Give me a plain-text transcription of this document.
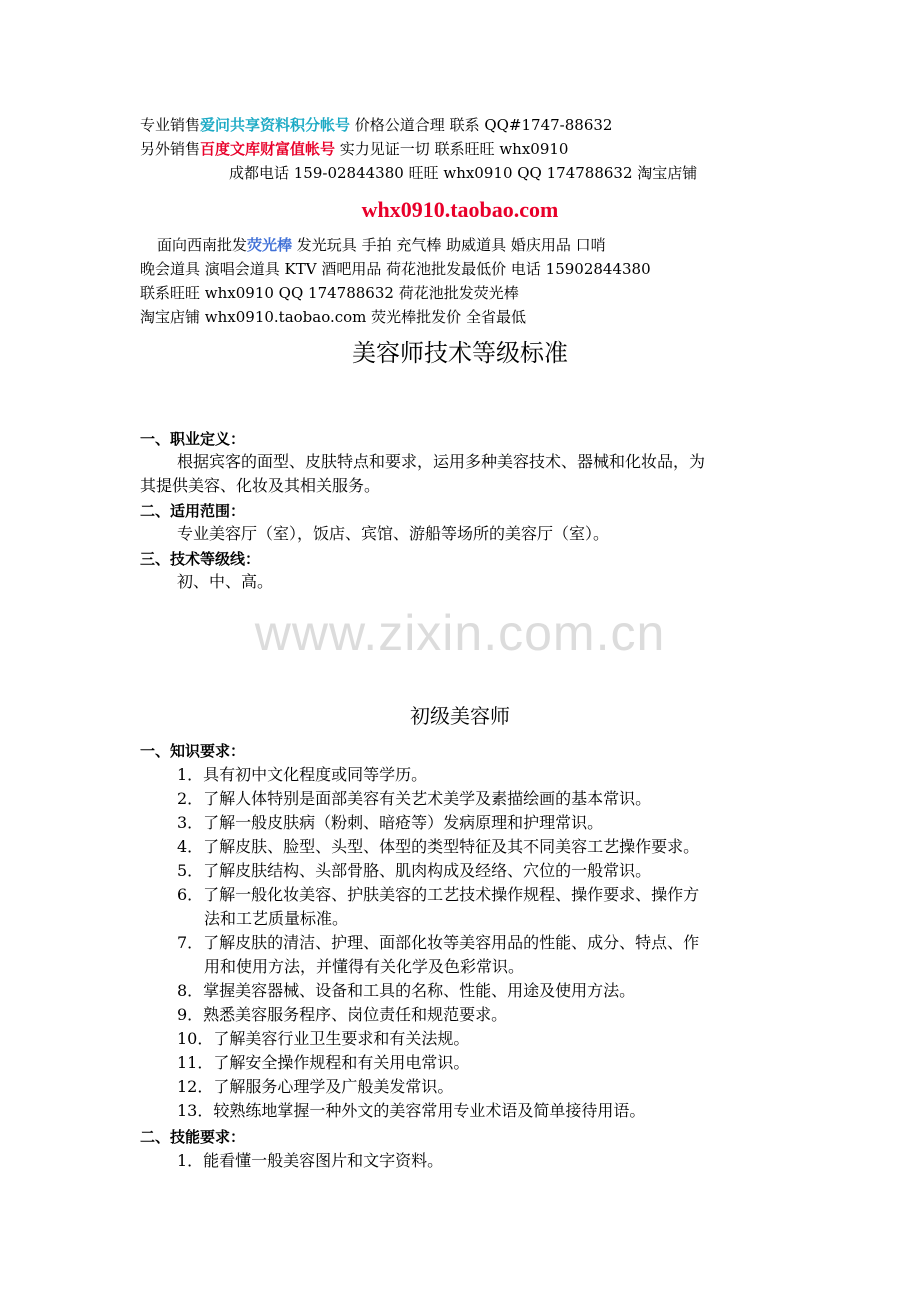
专业销售爱问共享资料积分帐号 价格公道合理 联系 QQ#1747-88632
另外销售百度文库财富值帐号 实力见证一切 联系旺旺 whx0910
成都电话 159-02844380 旺旺 whx0910 QQ 174788632 淘宝店铺
whx0910.taobao.com
面向西南批发荧光棒 发光玩具 手拍 充气棒 助威道具 婚庆用品 口哨
晚会道具 演唱会道具 KTV 酒吧用品 荷花池批发最低价 电话 15902844380
联系旺旺 whx0910 QQ 174788632 荷花池批发荧光棒
淘宝店铺 whx0910.taobao.com 荧光棒批发价 全省最低
美容师技术等级标准
一、职业定义：
根据宾客的面型、皮肤特点和要求，运用多种美容技术、器械和化妆品，为
其提供美容、化妆及其相关服务。
二、适用范围：
专业美容厅（室），饭店、宾馆、游船等场所的美容厅（室）。
三、技术等级线：
初、中、高。
www.zixin.com.cn
初级美容师
一、知识要求：
1．具有初中文化程度或同等学历。
2．了解人体特别是面部美容有关艺术美学及素描绘画的基本常识。
3．了解一般皮肤病（粉刺、暗疮等）发病原理和护理常识。
4．了解皮肤、脸型、头型、体型的类型特征及其不同美容工艺操作要求。
5．了解皮肤结构、头部骨胳、肌肉构成及经络、穴位的一般常识。
6．了解一般化妆美容、护肤美容的工艺技术操作规程、操作要求、操作方
法和工艺质量标准。
7．了解皮肤的清洁、护理、面部化妆等美容用品的性能、成分、特点、作
用和使用方法，并懂得有关化学及色彩常识。
8．掌握美容器械、设备和工具的名称、性能、用途及使用方法。
9．熟悉美容服务程序、岗位责任和规范要求。
10．了解美容行业卫生要求和有关法规。
11．了解安全操作规程和有关用电常识。
12．了解服务心理学及广般美发常识。
13．较熟练地掌握一种外文的美容常用专业术语及简单接待用语。
二、技能要求：
1．能看懂一般美容图片和文字资料。
